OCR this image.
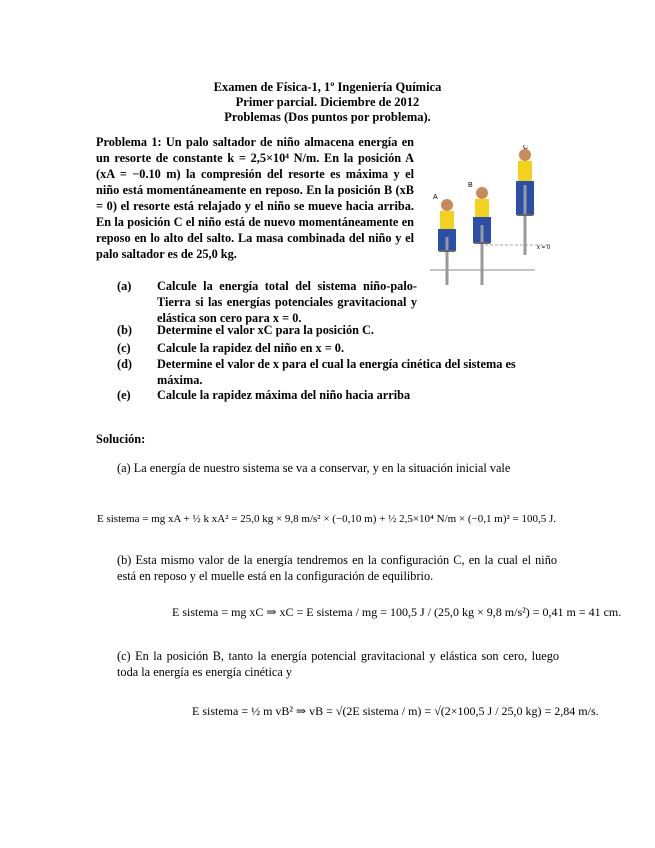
Examen de Física-1, 1º Ingeniería Química
Primer parcial. Diciembre de 2012
Problemas (Dos puntos por problema).
Problema 1: Un palo saltador de niño almacena energía en un resorte de constante k = 2,5×10⁴ N/m. En la posición A (xA = −0.10 m) la compresión del resorte es máxima y el niño está momentáneamente en reposo. En la posición B (xB = 0) el resorte está relajado y el niño se mueve hacia arriba. En la posición C el niño está de nuevo momentáneamente en reposo en lo alto del salto. La masa combinada del niño y el palo saltador es de 25,0 kg.
A
B
C
x = 0
(a)	Calcule la energía total del sistema niño-palo-Tierra si las energías potenciales gravitacional y elástica son cero para x = 0.
(b)	Determine el valor xC para la posición C.
(c)	Calcule la rapidez del niño en x = 0.
(d)	Determine el valor de x para el cual la energía cinética del sistema es máxima.
(e)	Calcule la rapidez máxima del niño hacia arriba
Solución:
(a) La energía de nuestro sistema se va a conservar, y en la situación inicial vale
E sistema = mg xA + ½ k xA² = 25,0 kg × 9,8 m/s² × (−0,10 m) + ½ 2,5×10⁴ N/m × (−0,1 m)² = 100,5 J.
(b) Esta mismo valor de la energía tendremos en la configuración C, en la cual el niño está en reposo y el muelle está en la configuración de equilibrio.
E sistema = mg xC ⇒ xC = E sistema / mg = 100,5 J / (25,0 kg × 9,8 m/s²) = 0,41 m = 41 cm.
(c) En la posición B, tanto la energía potencial gravitacional y elástica son cero, luego toda la energía es energía cinética y
E sistema = ½ m vB² ⇒ vB = √(2E sistema / m) = √(2×100,5 J / 25,0 kg) = 2,84 m/s.
